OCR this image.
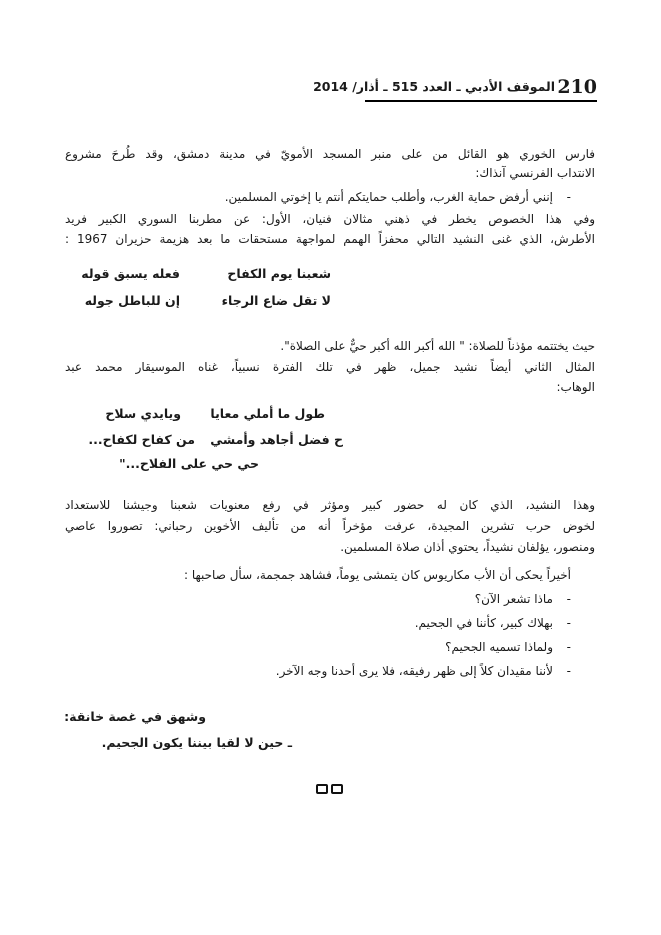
210
الموقف الأدبي ـ العدد 515 ـ أذار/ 2014
فارس الخوري هو القائل من على منبر المسجد الأمويّ في مدينة دمشق، وقد طُرحَ مشروع
الانتداب الفرنسي آنذاك:
- إنني أرفض حماية الغرب، وأطلب حمايتكم أنتم يا إخوتي المسلمين.
وفي هذا الخصوص يخطر في ذهني مثالان فنيان، الأول: عن مطربنا السوري الكبير فريد
الأطرش، الذي غنى النشيد التالي محفزاً الهمم لمواجهة مستحقات ما بعد هزيمة حزيران 1967 :
شعبنا يوم الكفاح
فعله يسبق قوله
لا تقل ضاع الرجاء
إن للباطل جوله
حيث يختتمه مؤذناً للصلاة: " الله أكبر الله أكبر حيٌّ على الصلاة".
المثال الثاني أيضاً نشيد جميل، ظهر في تلك الفترة نسبياً، غناه الموسيقار محمد عبد
الوهاب:
طول ما أملي معايا
ويايدي سلاح
ح فضل أجاهد وأمشي
من كفاح لكفاح...
حي حي على الفلاح..."
وهذا النشيد، الذي كان له حضور كبير ومؤثر في رفع معنويات شعبنا وجيشنا للاستعداد
لخوض حرب تشرين المجيدة، عرفت مؤخراً أنه من تأليف الأخوين رحباني: تصوروا عاصي
ومنصور، يؤلفان نشيداً، يحتوي أذان صلاة المسلمين.
أخيراً يحكى أن الأب مكاريوس كان يتمشى يوماً، فشاهد جمجمة، سأل صاحبها :
- ماذا تشعر الآن؟
- بهلاك كبير، كأننا في الجحيم.
- ولماذا تسميه الجحيم؟
- لأننا مقيدان كلاً إلى ظهر رفيقه، فلا يرى أحدنا وجه الآخر.
وشهق في غصة خانقة:
ـ حين لا لقيا بيننا يكون الجحيم.
